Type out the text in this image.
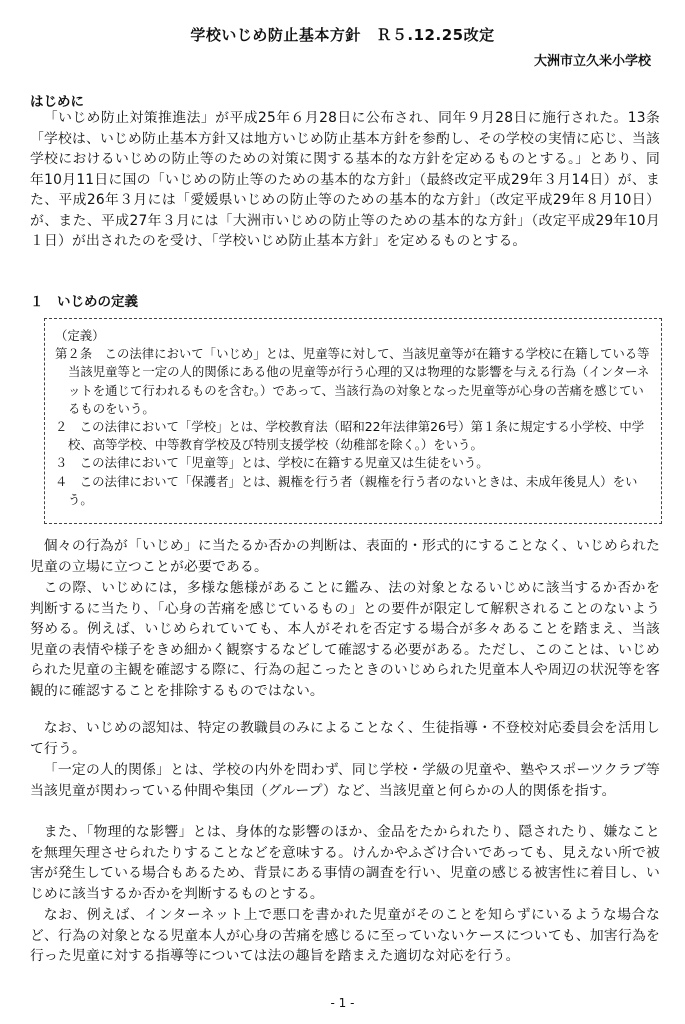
学校いじめ防止基本方針　Ｒ５.12.25改定
大洲市立久米小学校
はじめに

「いじめ防止対策推進法」が平成25年６月28日に公布され、同年９月28日に施行された。13条「学校は、いじめ防止基本方針又は地方いじめ防止基本方針を参酌し、その学校の実情に応じ、当該学校におけるいじめの防止等のための対策に関する基本的な方針を定めるものとする。」とあり、同年10月11日に国の「いじめの防止等のための基本的な方針」（最終改定平成29年３月14日）が、また、平成26年３月には「愛媛県いじめの防止等のための基本的な方針」（改定平成29年８月10日）が、また、平成27年３月には「大洲市いじめの防止等のための基本的な方針」（改定平成29年10月１日）が出されたのを受け、「学校いじめ防止基本方針」を定めるものとする。

１　いじめの定義

（定義）

第２条　この法律において「いじめ」とは、児童等に対して、当該児童等が在籍する学校に在籍している等当該児童等と一定の人的関係にある他の児童等が行う心理的又は物理的な影響を与える行為（インターネットを通じて行われるものを含む。）であって、当該行為の対象となった児童等が心身の苦痛を感じているものをいう。

２　この法律において「学校」とは、学校教育法（昭和22年法律第26号）第１条に規定する小学校、中学校、高等学校、中等教育学校及び特別支援学校（幼稚部を除く。）をいう。

３　この法律において「児童等」とは、学校に在籍する児童又は生徒をいう。

４　この法律において「保護者」とは、親権を行う者（親権を行う者のないときは、未成年後見人）をいう。

個々の行為が「いじめ」に当たるか否かの判断は、表面的・形式的にすることなく、いじめられた児童の立場に立つことが必要である。

この際、いじめには，多様な態様があることに鑑み、法の対象となるいじめに該当するか否かを判断するに当たり、「心身の苦痛を感じているもの」との要件が限定して解釈されることのないよう努める。例えば、いじめられていても、本人がそれを否定する場合が多々あることを踏まえ、当該児童の表情や様子をきめ細かく観察するなどして確認する必要がある。ただし、このことは、いじめられた児童の主観を確認する際に、行為の起こったときのいじめられた児童本人や周辺の状況等を客観的に確認することを排除するものではない。

なお、いじめの認知は、特定の教職員のみによることなく、生徒指導・不登校対応委員会を活用して行う。

「一定の人的関係」とは、学校の内外を問わず、同じ学校・学級の児童や、塾やスポーツクラブ等当該児童が関わっている仲間や集団（グループ）など、当該児童と何らかの人的関係を指す。

また、「物理的な影響」とは、身体的な影響のほか、金品をたかられたり、隠されたり、嫌なことを無理矢理させられたりすることなどを意味する。けんかやふざけ合いであっても、見えない所で被害が発生している場合もあるため、背景にある事情の調査を行い、児童の感じる被害性に着目し、いじめに該当するか否かを判断するものとする。

なお、例えば、インターネット上で悪口を書かれた児童がそのことを知らずにいるような場合など、行為の対象となる児童本人が心身の苦痛を感じるに至っていないケースについても、加害行為を行った児童に対する指導等については法の趣旨を踏まえた適切な対応を行う。

- 1 -
